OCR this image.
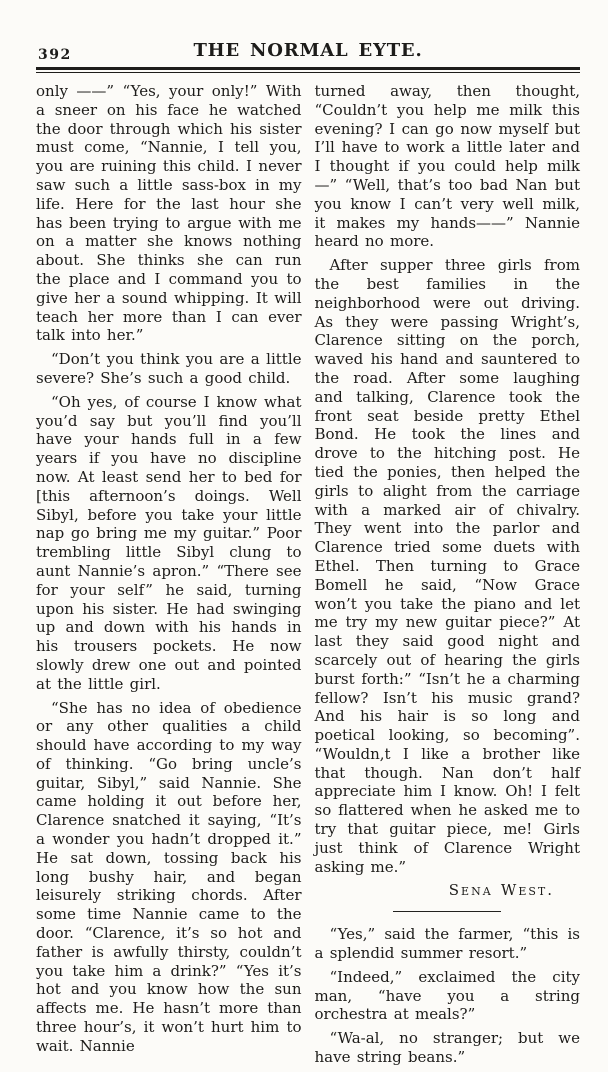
392	THE NORMAL EYTE.

only ——” “Yes, your only!” With a sneer on his face he watched the door through which his sister must come, “Nannie, I tell you, you are ruining this child. I never saw such a little sass-box in my life. Here for the last hour she has been trying to argue with me on a matter she knows nothing about. She thinks she can run the place and I command you to give her a sound whipping. It will teach her more than I can ever talk into her.”

“Don’t you think you are a little severe? She’s such a good child.

“Oh yes, of course I know what you’d say but you’ll find you’ll have your hands full in a few years if you have no discipline now. At least send her to bed for [this afternoon’s doings. Well Sibyl, before you take your little nap go bring me my guitar.” Poor trembling little Sibyl clung to aunt Nannie’s apron.” “There see for your self” he said, turning upon his sister. He had swinging up and down with his hands in his trousers pockets. He now slowly drew one out and pointed at the little girl.

“She has no idea of obedience or any other qualities a child should have according to my way of thinking. “Go bring uncle’s guitar, Sibyl,” said Nannie. She came holding it out before her, Clarence snatched it saying, “It’s a wonder you hadn’t dropped it.” He sat down, tossing back his long bushy hair, and began leisurely striking chords. After some time Nannie came to the door. “Clarence, it’s so hot and father is awfully thirsty, couldn’t you take him a drink?” “Yes it’s hot and you know how the sun affects me. He hasn’t more than three hour’s, it won’t hurt him to wait. Nannie

turned away, then thought, “Couldn’t you help me milk this evening? I can go now myself but I’ll have to work a little later and I thought if you could help milk—” “Well, that’s too bad Nan but you know I can’t very well milk, it makes my hands——” Nannie heard no more.

After supper three girls from the best families in the neighborhood were out driving. As they were passing Wright’s, Clarence sitting on the porch, waved his hand and sauntered to the road. After some laughing and talking, Clarence took the front seat beside pretty Ethel Bond. He took the lines and drove to the hitching post. He tied the ponies, then helped the girls to alight from the carriage with a marked air of chivalry. They went into the parlor and Clarence tried some duets with Ethel. Then turning to Grace Bomell he said, “Now Grace won’t you take the piano and let me try my new guitar piece?” At last they said good night and scarcely out of hearing the girls burst forth:” “Isn’t he a charming fellow? Isn’t his music grand? And his hair is so long and poetical looking, so becoming”. “Wouldn,t I like a brother like that though. Nan don’t half appreciate him I know. Oh! I felt so flattered when he asked me to try that guitar piece, me! Girls just think of Clarence Wright asking me.”

Sena West.

“Yes,” said the farmer, “this is a splendid summer resort.”

“Indeed,” exclaimed the city man, “have you a string orchestra at meals?”

“Wa-al, no stranger; but we have string beans.”
